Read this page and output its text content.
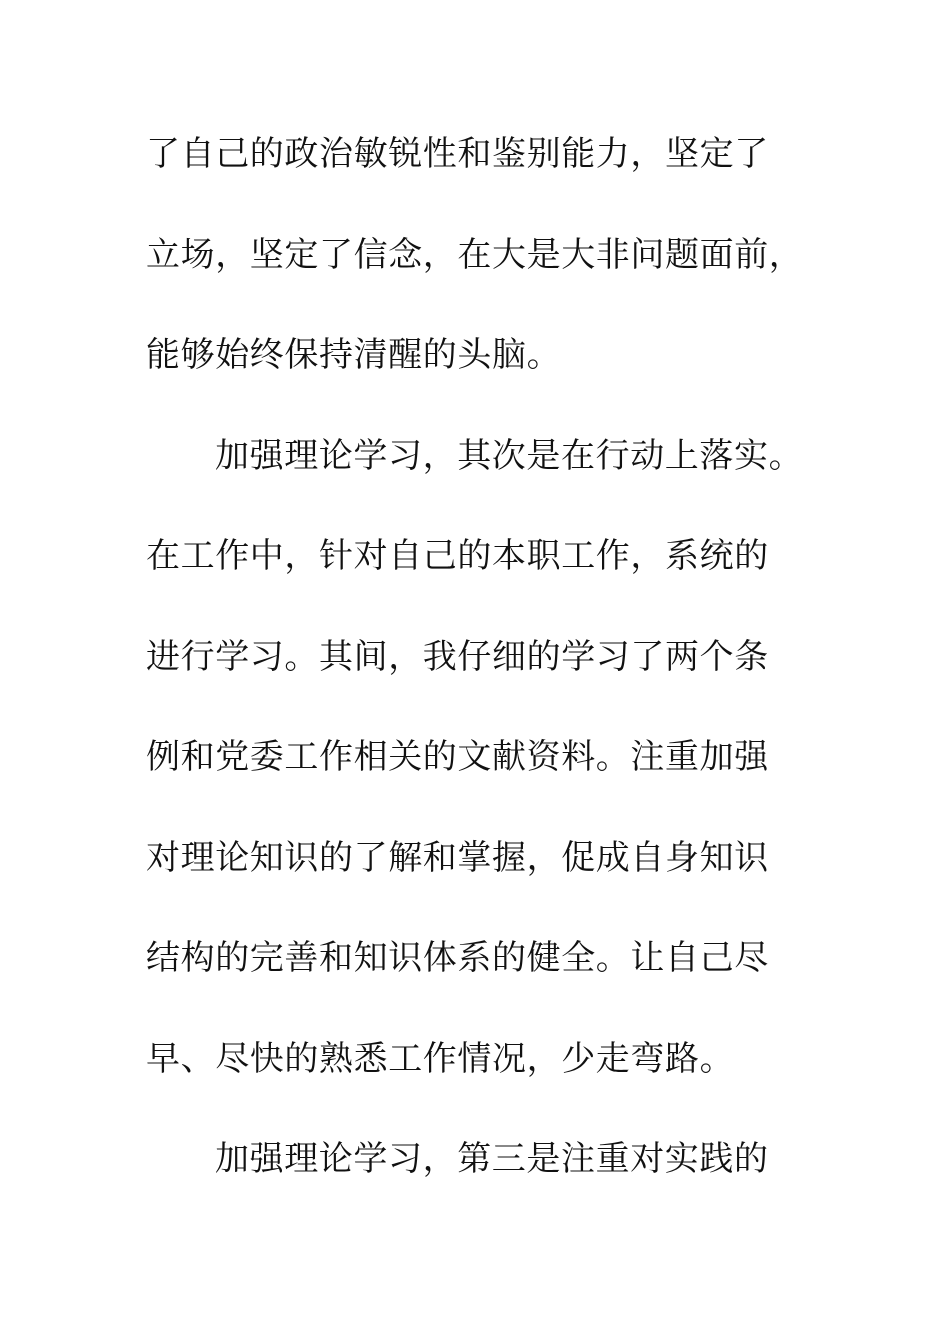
了自己的政治敏锐性和鉴别能力，坚定了
立场，坚定了信念，在大是大非问题面前，
能够始终保持清醒的头脑。
加强理论学习，其次是在行动上落实。
在工作中，针对自己的本职工作，系统的
进行学习。其间，我仔细的学习了两个条
例和党委工作相关的文献资料。注重加强
对理论知识的了解和掌握，促成自身知识
结构的完善和知识体系的健全。让自己尽
早、尽快的熟悉工作情况，少走弯路。
加强理论学习，第三是注重对实践的
